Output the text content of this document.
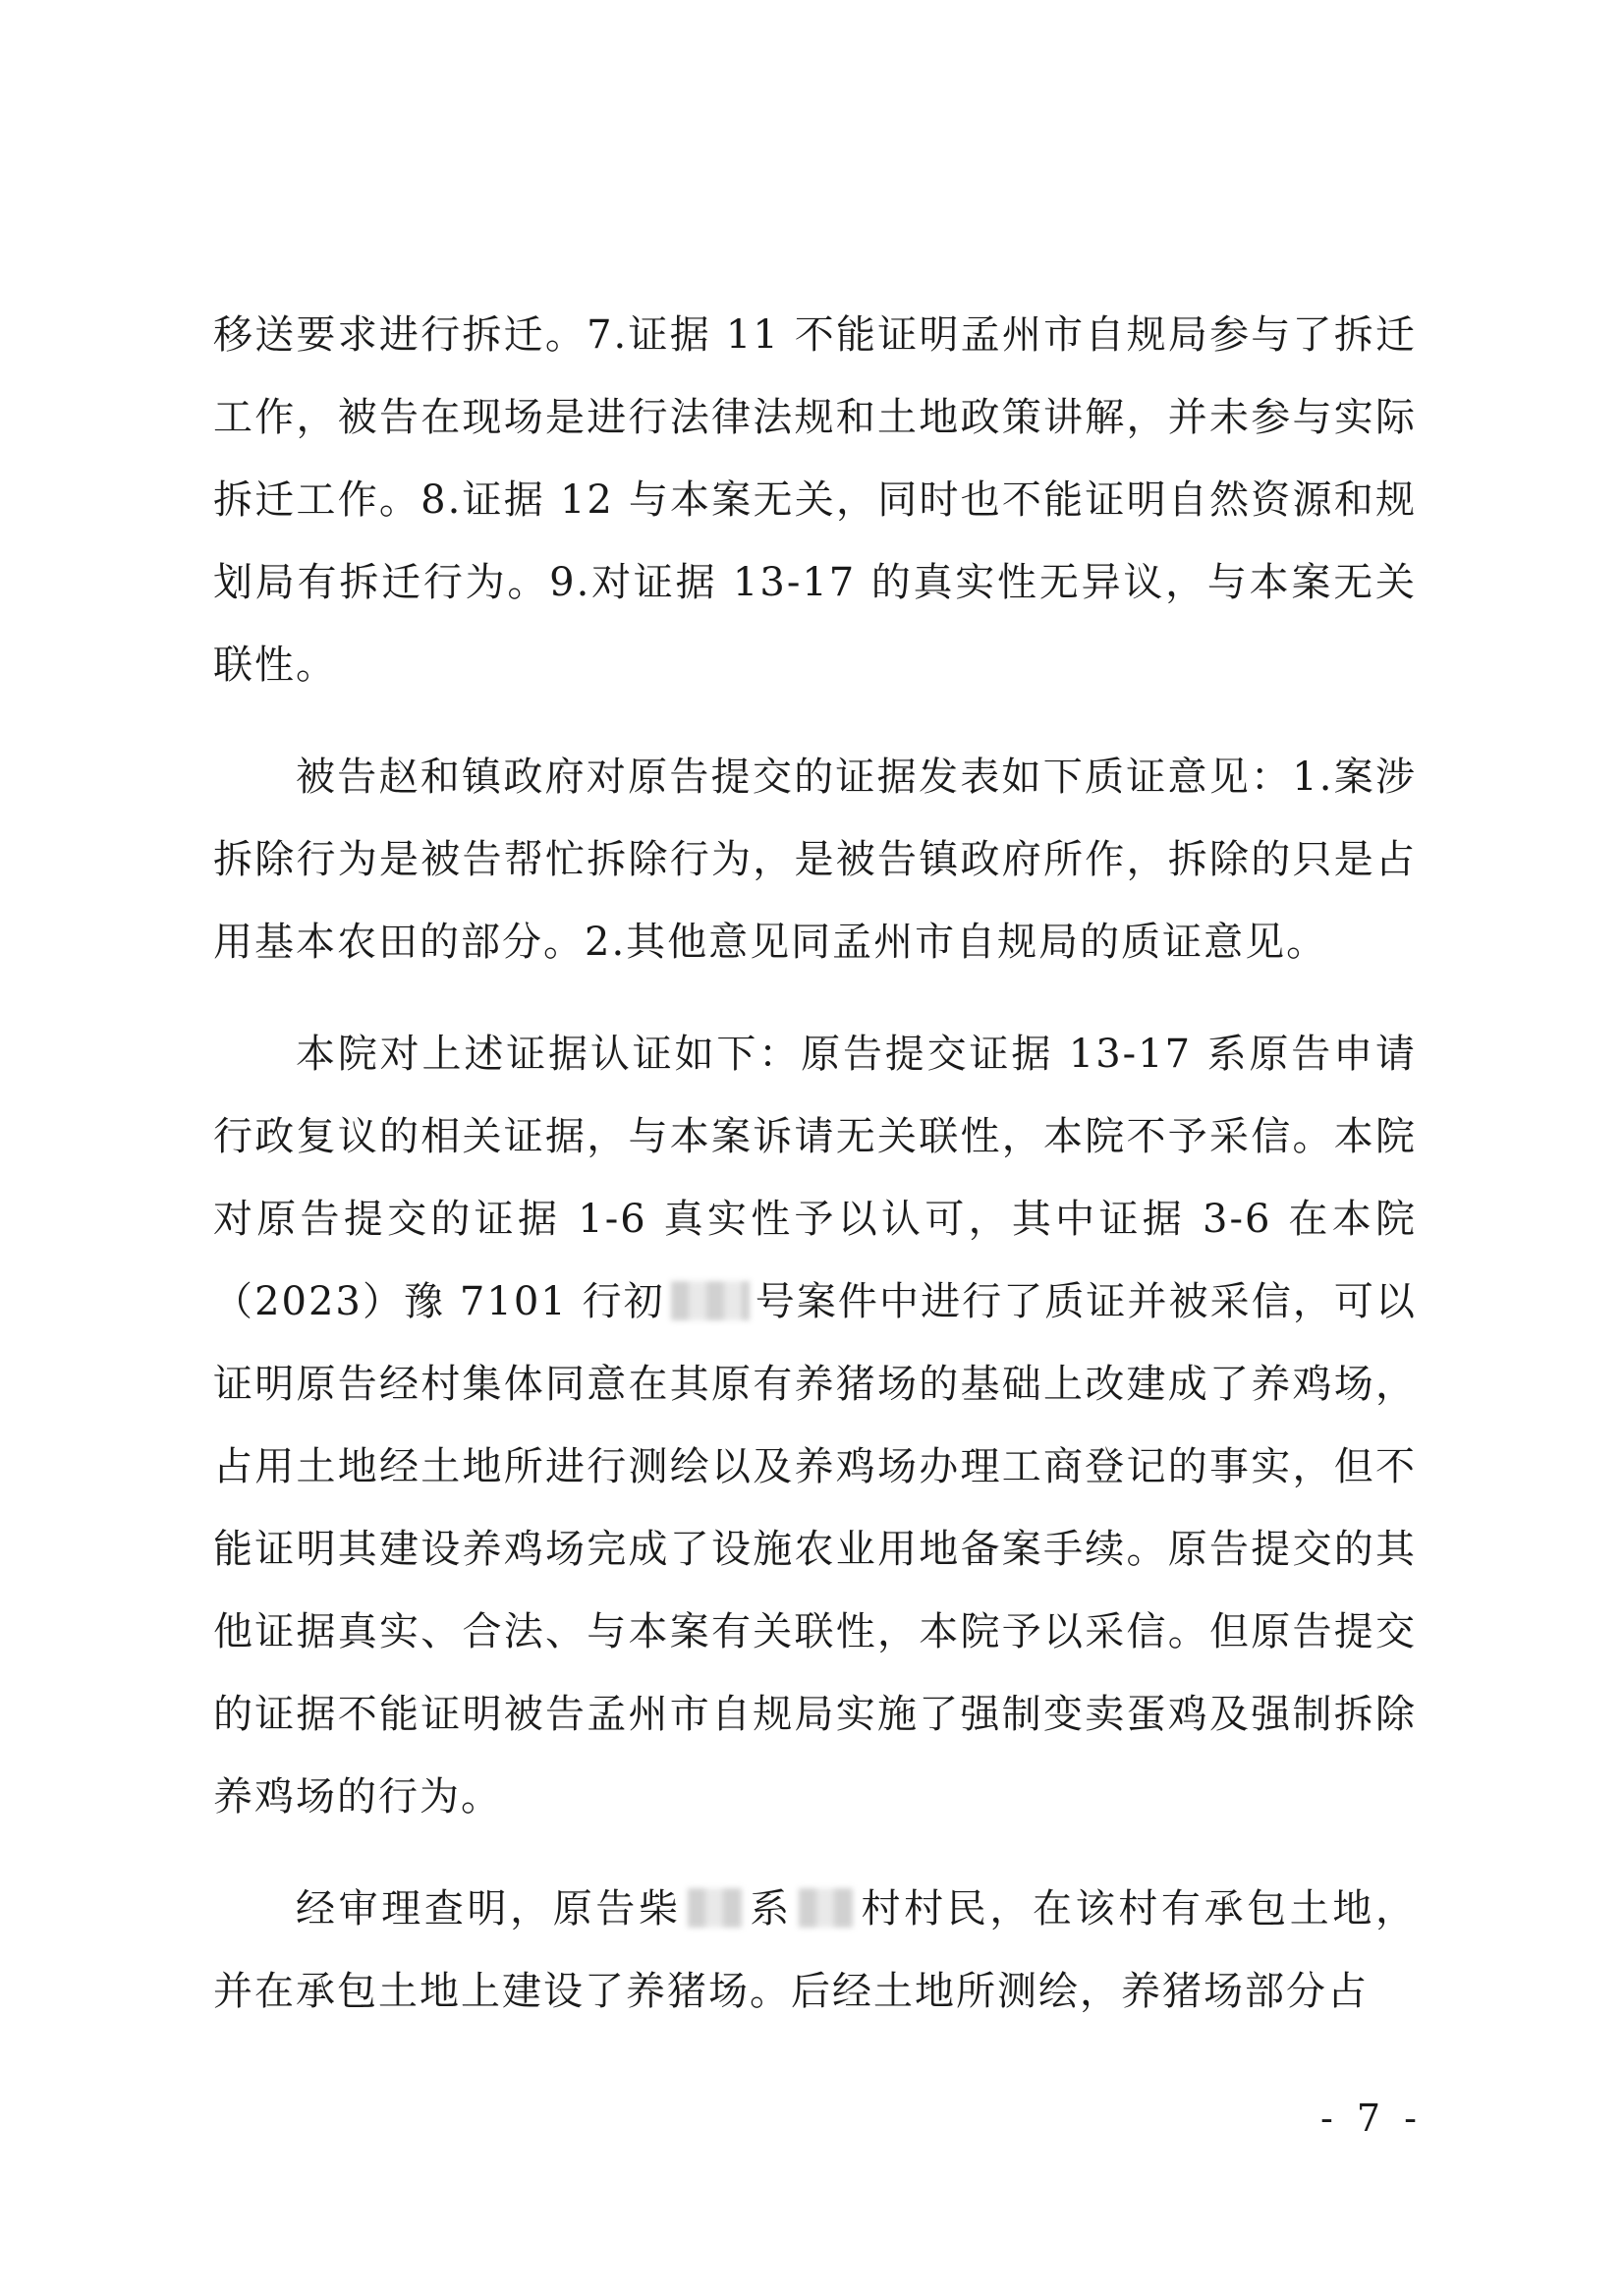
移送要求进行拆迁。7.证据 11 不能证明孟州市自规局参与了拆迁工作，被告在现场是进行法律法规和土地政策讲解，并未参与实际拆迁工作。8.证据 12 与本案无关，同时也不能证明自然资源和规划局有拆迁行为。9.对证据 13-17 的真实性无异议，与本案无关联性。

被告赵和镇政府对原告提交的证据发表如下质证意见：1.案涉拆除行为是被告帮忙拆除行为，是被告镇政府所作，拆除的只是占用基本农田的部分。2.其他意见同孟州市自规局的质证意见。

本院对上述证据认证如下：原告提交证据 13-17 系原告申请行政复议的相关证据，与本案诉请无关联性，本院不予采信。本院对原告提交的证据 1-6 真实性予以认可，其中证据 3-6 在本院（2023）豫 7101 行初 号案件中进行了质证并被采信，可以证明原告经村集体同意在其原有养猪场的基础上改建成了养鸡场，占用土地经土地所进行测绘以及养鸡场办理工商登记的事实，但不能证明其建设养鸡场完成了设施农业用地备案手续。原告提交的其他证据真实、合法、与本案有关联性，本院予以采信。但原告提交的证据不能证明被告孟州市自规局实施了强制变卖蛋鸡及强制拆除养鸡场的行为。

经审理查明，原告柴 系 村村民，在该村有承包土地，并在承包土地上建设了养猪场。后经土地所测绘，养猪场部分占

- 7 -
